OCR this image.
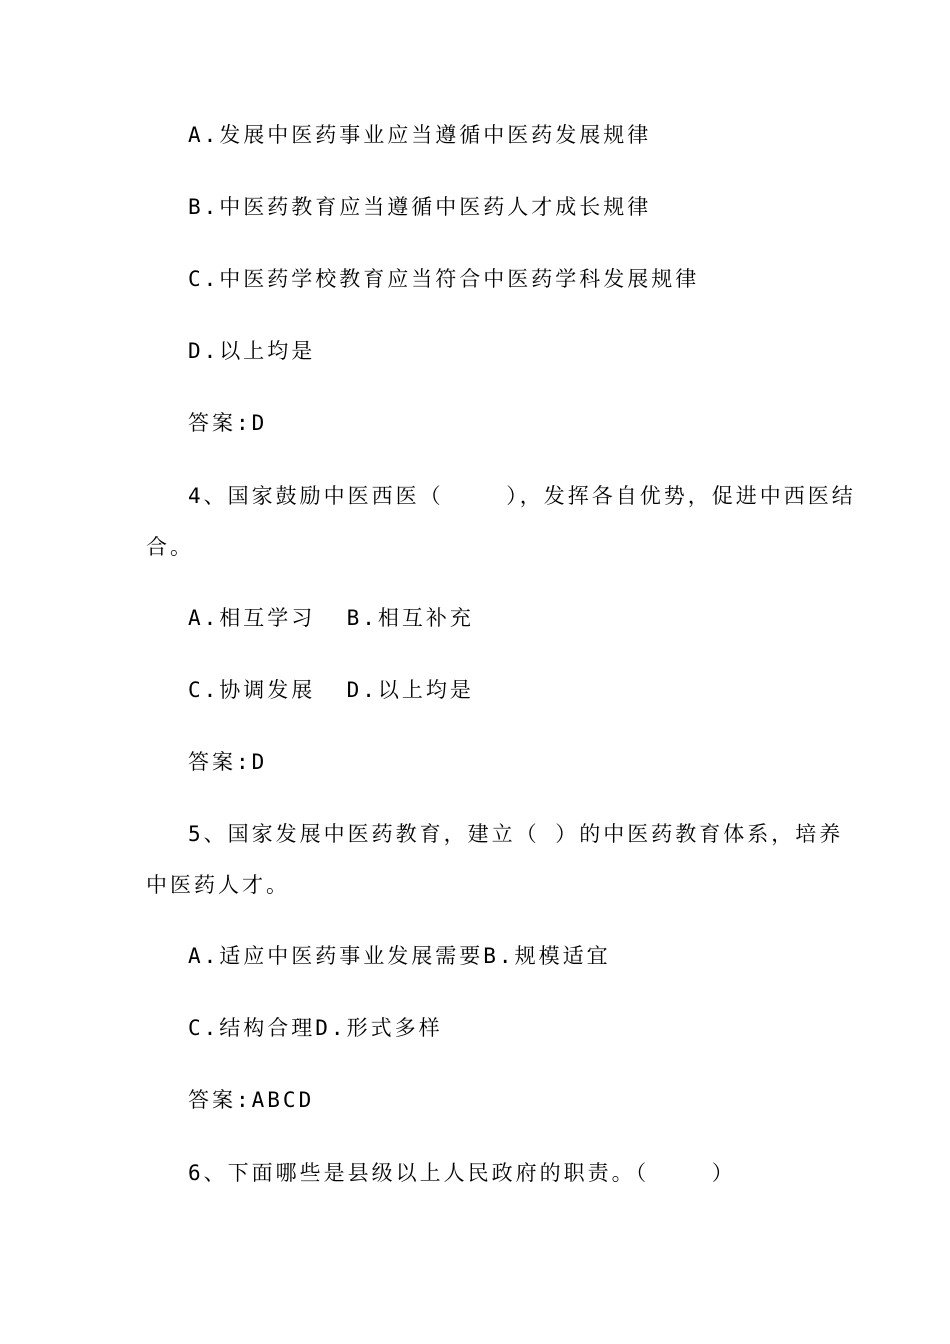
A.发展中医药事业应当遵循中医药发展规律
B.中医药教育应当遵循中医药人才成长规律
C.中医药学校教育应当符合中医药学科发展规律
D.以上均是
答案:D
4、国家鼓励中医西医（    ），发挥各自优势，促进中西医结
合。
A.相互学习  B.相互补充
C.协调发展  D.以上均是
答案:D
5、国家发展中医药教育，建立（ ）的中医药教育体系，培养
中医药人才。
A.适应中医药事业发展需要B.规模适宜
C.结构合理D.形式多样
答案:ABCD
6、下面哪些是县级以上人民政府的职责。（    ）
